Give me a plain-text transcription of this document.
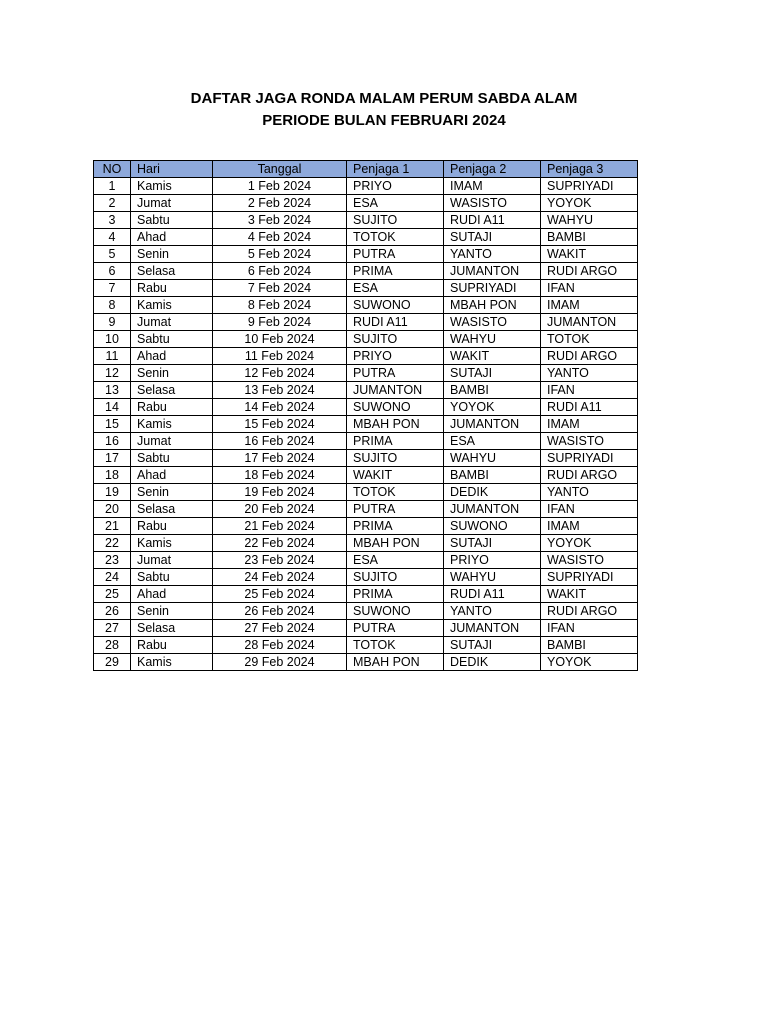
DAFTAR JAGA RONDA MALAM PERUM SABDA ALAM
PERIODE BULAN FEBRUARI 2024
NO	Hari	Tanggal	Penjaga 1	Penjaga 2	Penjaga 3
1	Kamis	1 Feb 2024	PRIYO	IMAM	SUPRIYADI
2	Jumat	2 Feb 2024	ESA	WASISTO	YOYOK
3	Sabtu	3 Feb 2024	SUJITO	RUDI A11	WAHYU
4	Ahad	4 Feb 2024	TOTOK	SUTAJI	BAMBI
5	Senin	5 Feb 2024	PUTRA	YANTO	WAKIT
6	Selasa	6 Feb 2024	PRIMA	JUMANTON	RUDI ARGO
7	Rabu	7 Feb 2024	ESA	SUPRIYADI	IFAN
8	Kamis	8 Feb 2024	SUWONO	MBAH PON	IMAM
9	Jumat	9 Feb 2024	RUDI A11	WASISTO	JUMANTON
10	Sabtu	10 Feb 2024	SUJITO	WAHYU	TOTOK
11	Ahad	11 Feb 2024	PRIYO	WAKIT	RUDI ARGO
12	Senin	12 Feb 2024	PUTRA	SUTAJI	YANTO
13	Selasa	13 Feb 2024	JUMANTON	BAMBI	IFAN
14	Rabu	14 Feb 2024	SUWONO	YOYOK	RUDI A11
15	Kamis	15 Feb 2024	MBAH PON	JUMANTON	IMAM
16	Jumat	16 Feb 2024	PRIMA	ESA	WASISTO
17	Sabtu	17 Feb 2024	SUJITO	WAHYU	SUPRIYADI
18	Ahad	18 Feb 2024	WAKIT	BAMBI	RUDI ARGO
19	Senin	19 Feb 2024	TOTOK	DEDIK	YANTO
20	Selasa	20 Feb 2024	PUTRA	JUMANTON	IFAN
21	Rabu	21 Feb 2024	PRIMA	SUWONO	IMAM
22	Kamis	22 Feb 2024	MBAH PON	SUTAJI	YOYOK
23	Jumat	23 Feb 2024	ESA	PRIYO	WASISTO
24	Sabtu	24 Feb 2024	SUJITO	WAHYU	SUPRIYADI
25	Ahad	25 Feb 2024	PRIMA	RUDI A11	WAKIT
26	Senin	26 Feb 2024	SUWONO	YANTO	RUDI ARGO
27	Selasa	27 Feb 2024	PUTRA	JUMANTON	IFAN
28	Rabu	28 Feb 2024	TOTOK	SUTAJI	BAMBI
29	Kamis	29 Feb 2024	MBAH PON	DEDIK	YOYOK
